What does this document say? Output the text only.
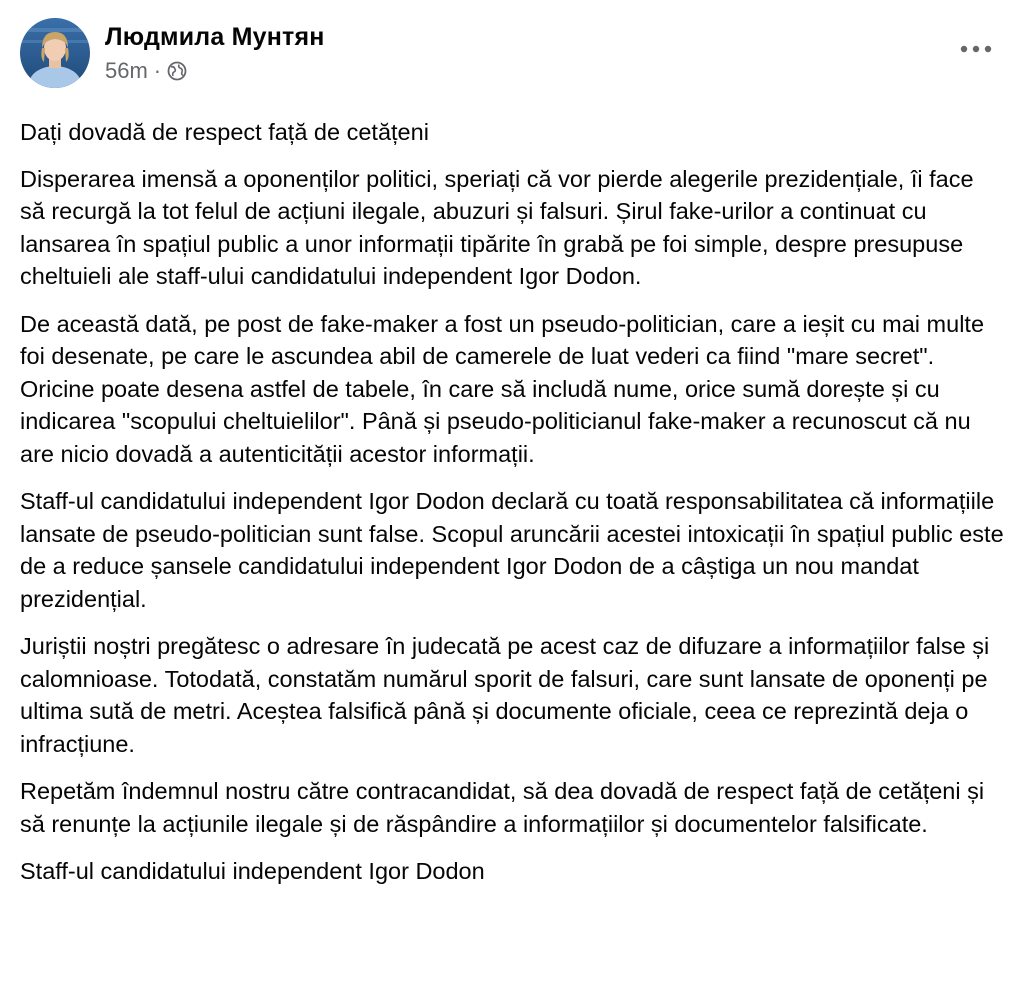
Людмила Мунтян
56m ·

Dați dovadă de respect față de cetățeni

Disperarea imensă a oponenților politici, speriați că vor pierde alegerile prezidențiale, îi face să recurgă la tot felul de acțiuni ilegale, abuzuri și falsuri. Șirul fake-urilor a continuat cu lansarea în spațiul public a unor informații tipărite în grabă pe foi simple, despre presupuse cheltuieli ale staff-ului candidatului independent Igor Dodon.

De această dată, pe post de fake-maker a fost un pseudo-politician, care a ieșit cu mai multe foi desenate, pe care le ascundea abil de camerele de luat vederi ca fiind "mare secret". Oricine poate desena astfel de tabele, în care să includă nume, orice sumă dorește și cu indicarea "scopului cheltuielilor". Până și pseudo-politicianul fake-maker a recunoscut că nu are nicio dovadă a autenticității acestor informații.

Staff-ul candidatului independent Igor Dodon declară cu toată responsabilitatea că informațiile lansate de pseudo-politician sunt false. Scopul aruncării acestei intoxicații în spațiul public este de a reduce șansele candidatului independent Igor Dodon de a câștiga un nou mandat prezidențial.

Juriștii noștri pregătesc o adresare în judecată pe acest caz de difuzare a informațiilor false și calomnioase. Totodată, constatăm numărul sporit de falsuri, care sunt lansate de oponenți pe ultima sută de metri. Acеștea falsifică până și documente oficiale, ceea ce reprezintă deja o infracțiune.

Repetăm îndemnul nostru către contracandidat, să dea dovadă de respect față de cetățeni și să renunțe la acțiunile ilegale și de răspândire a informațiilor și documentelor falsificate.

Staff-ul candidatului independent Igor Dodon
